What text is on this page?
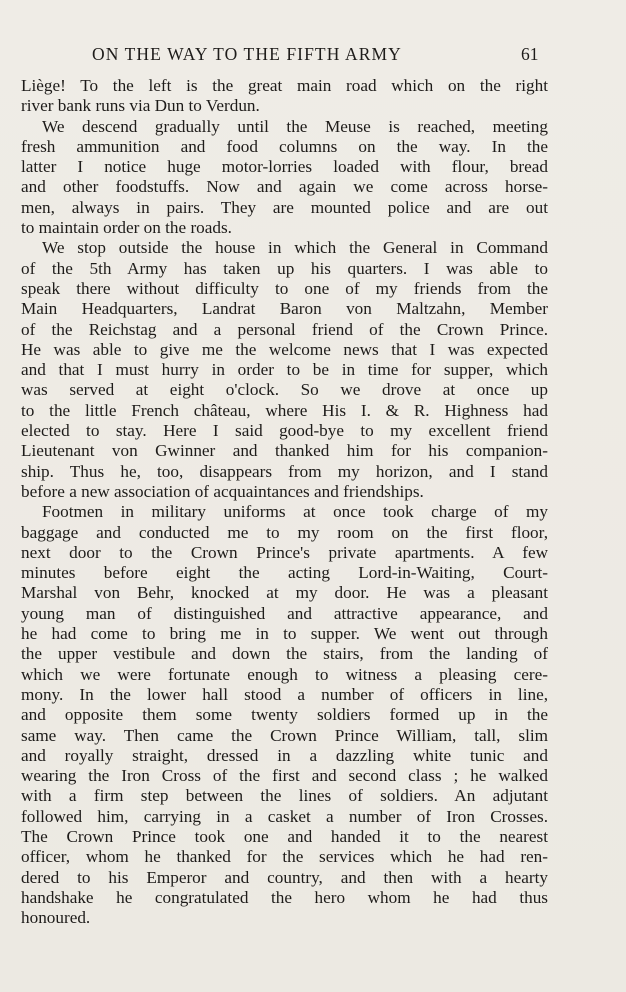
ON THE WAY TO THE FIFTH ARMY	61
Liège! To the left is the great main road which on the right
river bank runs via Dun to Verdun.
We descend gradually until the Meuse is reached, meeting
fresh ammunition and food columns on the way. In the
latter I notice huge motor-lorries loaded with flour, bread
and other foodstuffs. Now and again we come across horse-
men, always in pairs. They are mounted police and are out
to maintain order on the roads.
We stop outside the house in which the General in Command
of the 5th Army has taken up his quarters. I was able to
speak there without difficulty to one of my friends from the
Main Headquarters, Landrat Baron von Maltzahn, Member
of the Reichstag and a personal friend of the Crown Prince.
He was able to give me the welcome news that I was expected
and that I must hurry in order to be in time for supper, which
was served at eight o'clock. So we drove at once up
to the little French château, where His I. & R. Highness had
elected to stay. Here I said good-bye to my excellent friend
Lieutenant von Gwinner and thanked him for his companion-
ship. Thus he, too, disappears from my horizon, and I stand
before a new association of acquaintances and friendships.
Footmen in military uniforms at once took charge of my
baggage and conducted me to my room on the first floor,
next door to the Crown Prince's private apartments. A few
minutes before eight the acting Lord-in-Waiting, Court-
Marshal von Behr, knocked at my door. He was a pleasant
young man of distinguished and attractive appearance, and
he had come to bring me in to supper. We went out through
the upper vestibule and down the stairs, from the landing of
which we were fortunate enough to witness a pleasing cere-
mony. In the lower hall stood a number of officers in line,
and opposite them some twenty soldiers formed up in the
same way. Then came the Crown Prince William, tall, slim
and royally straight, dressed in a dazzling white tunic and
wearing the Iron Cross of the first and second class ; he walked
with a firm step between the lines of soldiers. An adjutant
followed him, carrying in a casket a number of Iron Crosses.
The Crown Prince took one and handed it to the nearest
officer, whom he thanked for the services which he had ren-
dered to his Emperor and country, and then with a hearty
handshake he congratulated the hero whom he had thus
honoured.
